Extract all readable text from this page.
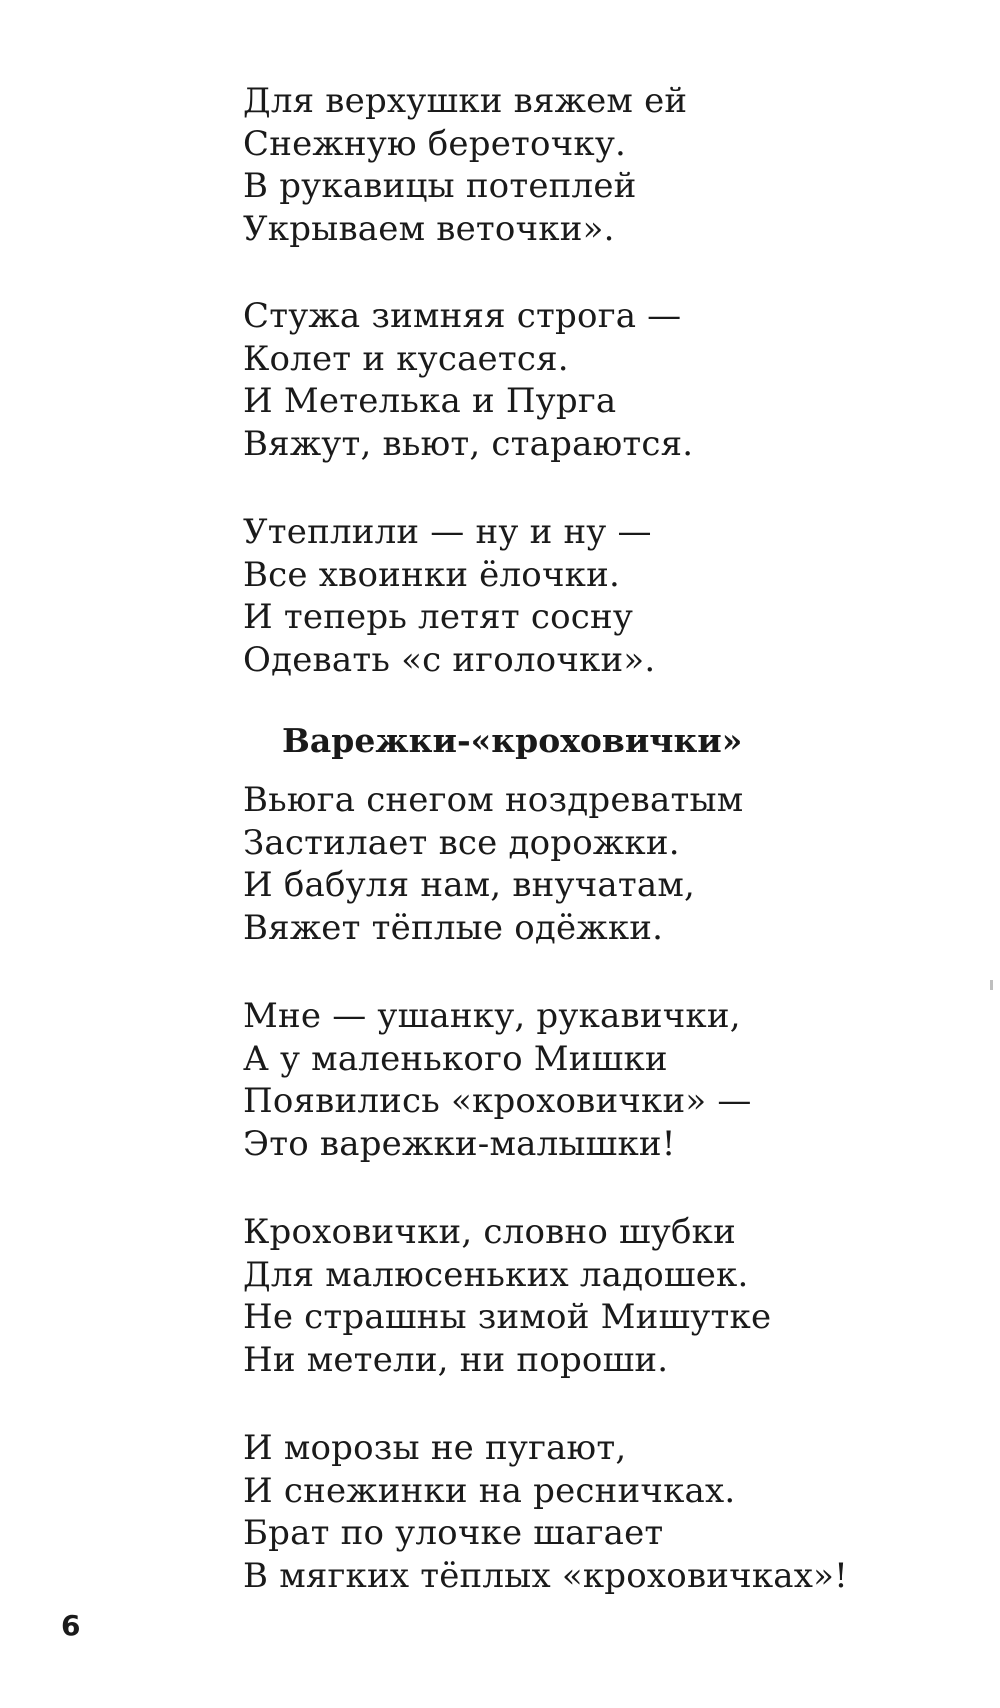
Для верхушки вяжем ей
Снежную береточку.
В рукавицы потеплей
Укрываем веточки».
Стужа зимняя строга —
Колет и кусается.
И Метелька и Пурга
Вяжут, вьют, стараются.
Утеплили — ну и ну —
Все хвоинки ёлочки.
И теперь летят сосну
Одевать «с иголочки».
Варежки-«кроховички»
Вьюга снегом ноздреватым
Застилает все дорожки.
И бабуля нам, внучатам,
Вяжет тёплые одёжки.
Мне — ушанку, рукавички,
А у маленького Мишки
Появились «кроховички» —
Это варежки-малышки!
Кроховички, словно шубки
Для малюсеньких ладошек.
Не страшны зимой Мишутке
Ни метели, ни пороши.
И морозы не пугают,
И снежинки на ресничках.
Брат по улочке шагает
В мягких тёплых «кроховичках»!
6
